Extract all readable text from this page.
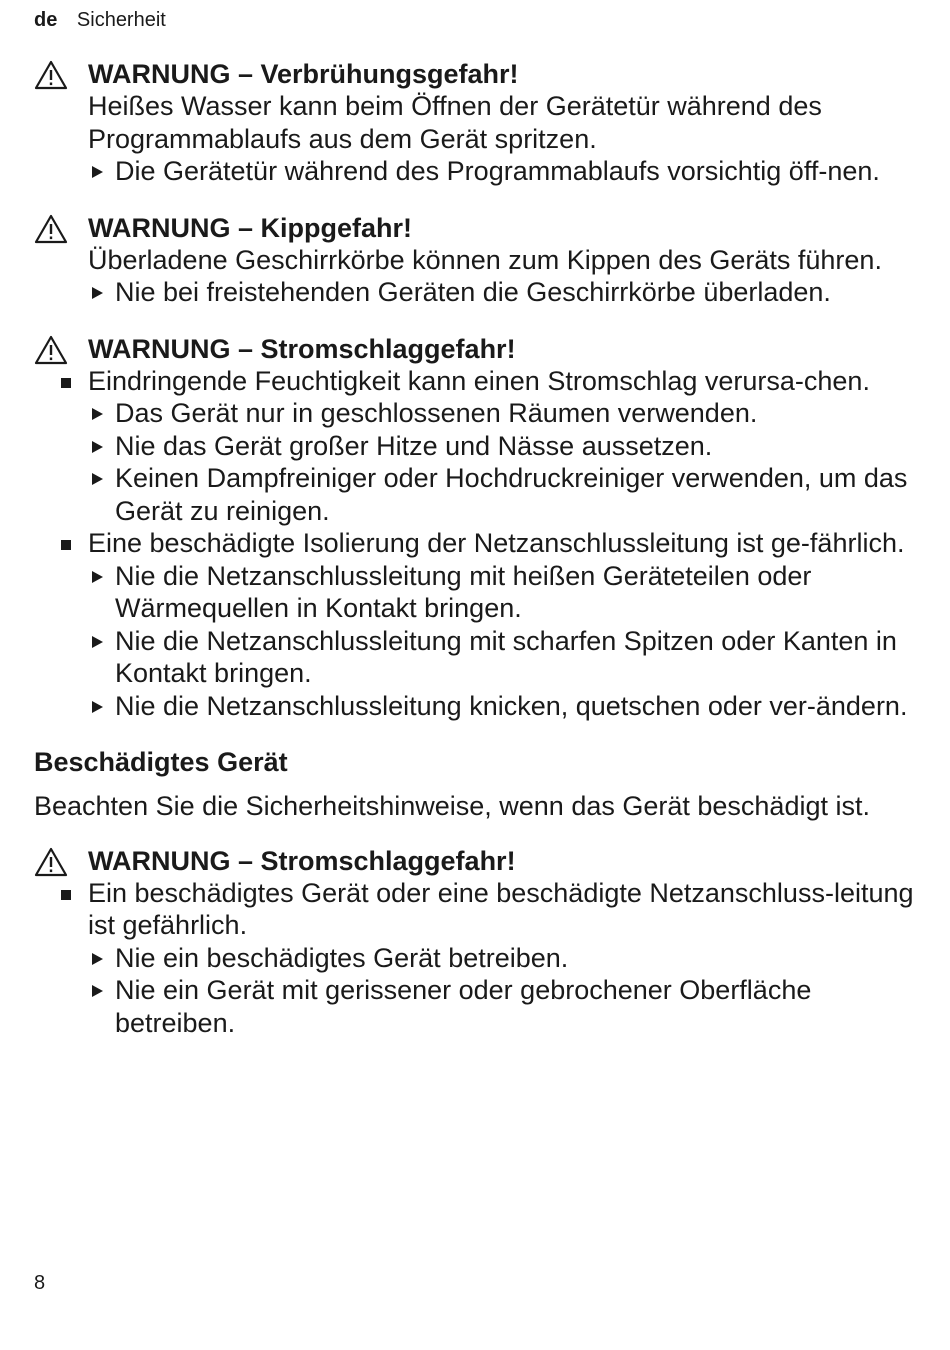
de Sicherheit
WARNUNG – Verbrühungsgefahr!
Heißes Wasser kann beim Öffnen der Gerätetür während des Programmablaufs aus dem Gerät spritzen.
Die Gerätetür während des Programmablaufs vorsichtig öff-nen.
WARNUNG – Kippgefahr!
Überladene Geschirrkörbe können zum Kippen des Geräts führen.
Nie bei freistehenden Geräten die Geschirrkörbe überladen.
WARNUNG – Stromschlaggefahr!
Eindringende Feuchtigkeit kann einen Stromschlag verursa-chen.
Das Gerät nur in geschlossenen Räumen verwenden.
Nie das Gerät großer Hitze und Nässe aussetzen.
Keinen Dampfreiniger oder Hochdruckreiniger verwenden, um das Gerät zu reinigen.
Eine beschädigte Isolierung der Netzanschlussleitung ist ge-fährlich.
Nie die Netzanschlussleitung mit heißen Geräteteilen oder Wärmequellen in Kontakt bringen.
Nie die Netzanschlussleitung mit scharfen Spitzen oder Kanten in Kontakt bringen.
Nie die Netzanschlussleitung knicken, quetschen oder ver-ändern.
Beschädigtes Gerät
Beachten Sie die Sicherheitshinweise, wenn das Gerät beschädigt ist.
WARNUNG – Stromschlaggefahr!
Ein beschädigtes Gerät oder eine beschädigte Netzanschluss-leitung ist gefährlich.
Nie ein beschädigtes Gerät betreiben.
Nie ein Gerät mit gerissener oder gebrochener Oberfläche betreiben.
8
